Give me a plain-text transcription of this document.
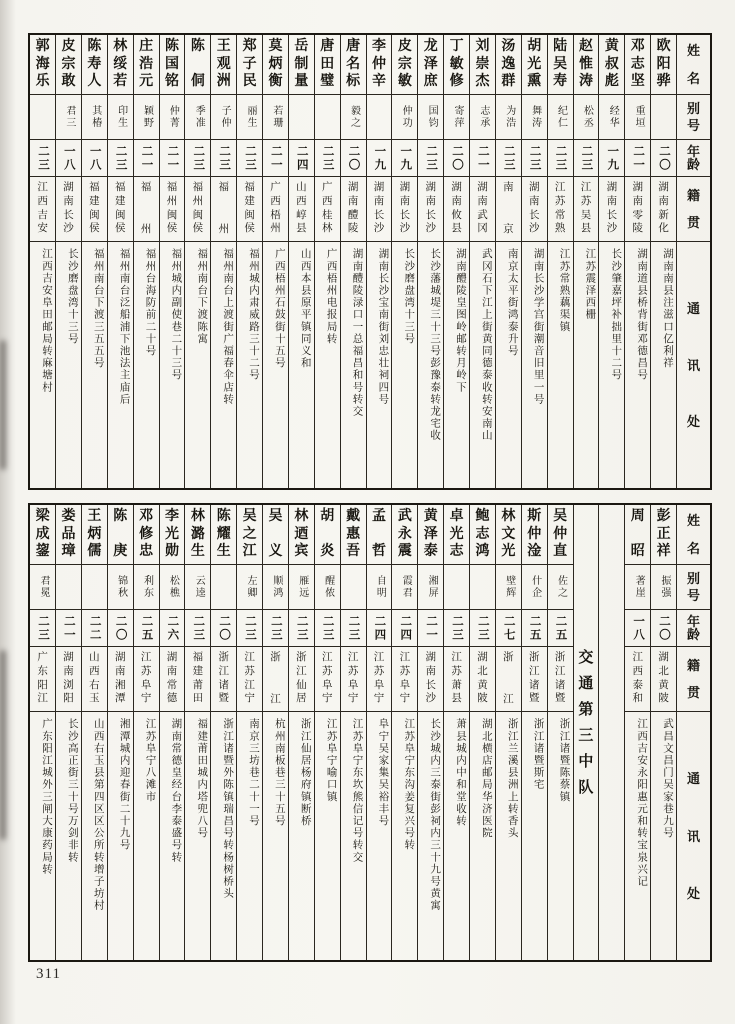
姓
名
别
号
年
龄
籍
贯
通
讯
处
欧
阳
骅
二〇
湖
南
新
化
湖南南县注滋口亿利祥
邓
志
坚
重垣
二一
湖
南
零
陵
湖南道县桥背街邓德昌号
黄
叔
彪
经华
一九
湖
南
长
沙
长沙肇嘉坪补拙里十二号
赵
惟
涛
松丞
二三
江
苏
吴
县
江苏震泽西栅
陆
吴
寿
纪仁
二三
江
苏
常
熟
江苏常熟藕渠镇
胡
光
熏
舞涛
二三
湖
南
长
沙
湖南长沙学宫街潮音旧里一号
汤
逸
群
为浩
二三
南
京
南京太平街鸿泰升号
刘
崇
杰
志承
二一
湖
南
武
冈
武冈石下江上街黄同德泰收转安南山
丁
敏
修
寄萍
二〇
湖
南
攸
县
湖南醴陵皇图岭邮转月岭下
龙
泽
庶
国钧
二三
湖
南
长
沙
长沙藩城堤三十三号彭豫泰转龙宅收
皮
宗
敏
仲功
一九
湖
南
长
沙
长沙磨盘湾十三号
李
仲
辛
一九
湖
南
长
沙
湖南长沙宝南街刘忠壮祠四号
唐
名
标
毅之
二〇
湖
南
醴
陵
湖南醴陵渌口一总福昌和号转交
唐
田
璧
二三
广
西
桂
林
广西梧州电报局转
岳
制
量
二四
山
西
崞
县
山西本县原平镇同义和
莫
炳
衡
若珊
二一
广
西
梧
州
广西梧州石鼓街十五号
郑
子
民
丽生
二三
福
建
闽
侯
福州城内肃威路三十二号
王
观
洲
子仲
二三
福
州
福州南台上渡街广福春伞店转
陈
侗
季准
二三
福
州
闽
侯
福州南台下渡陈寓
陈
国
铭
仲菁
二一
福
州
闽
侯
福州城内副使巷二十三号
庄
浩
元
颖野
二一
福
州
福州台海防前二十号
林
绥
若
印生
二三
福
建
闽
侯
福州南台泛船浦下池法主庙后
陈
寿
人
其椿
一八
福
建
闽
侯
福州南台下渡三五五号
皮
宗
敢
君三
一八
湖
南
长
沙
长沙磨盘湾十三号
郭
海
乐
二三
江
西
吉
安
江西吉安阜田邮局转麻塘村
姓
名
别
号
年
龄
籍
贯
通
讯
处
彭
正
祥
振强
二〇
湖
北
黄
陂
武昌文昌门吴家巷九号
周
昭
著崖
一八
江
西
泰
和
江西吉安永阳惠元和转宝泉兴记
交
通
第
三
中
队
吴
仲
直
佐之
二五
浙
江
诸
暨
浙江诸暨陈蔡镇
斯
仲
淦
什企
二五
浙
江
诸
暨
浙江诸暨斯宅
林
文
光
壁辉
二七
浙
江
浙江兰溪县洲上转香头
鲍
志
鸿
二三
湖
北
黄
陂
湖北横店邮局华济医院
卓
光
志
二三
江
苏
萧
县
萧县城内中和堂收转
黄
泽
泰
湘屏
二一
湖
南
长
沙
长沙城内三泰街彭祠内三十九号黄寓
武
永
震
霞君
二四
江
苏
阜
宁
江苏阜宁东沟姜复兴号转
孟
哲
自明
二四
江
苏
阜
宁
阜宁吴家集吴裕丰号
戴
惠
吾
二三
江
苏
阜
宁
江苏阜宁东坎熊信记号转交
胡
炎
醒侬
二三
江
苏
阜
宁
江苏阜宁喻口镇
林
迺
宾
雁远
二三
浙
江
仙
居
浙江仙居杨府镇断桥
吴
义
顺鸿
二三
浙
江
杭州南板巷三十五号
吴
之
江
左卿
二三
江
苏
江
宁
南京三坊巷二十一号
陈
耀
生
二〇
浙
江
诸
暨
浙江诸暨外陈镇瑞昌号转杨树桥头
林
潞
生
云逵
二三
福
建
莆
田
福建莆田城内塔兜八号
李
光
勋
松樵
二六
湖
南
常
德
湖南常德皇经台李泰盛号转
邓
修
忠
利东
二五
江
苏
阜
宁
江苏阜宁八滩市
陈
庚
锦秋
二〇
湖
南
湘
潭
湘潭城内迎春街二十九号
王
炳
儒
二二
山
西
右
玉
山西右玉县第四区区公所转增子坊村
娄
品
璋
二一
湖
南
浏
阳
长沙高正街三十号万剑非转
梁
成
鋆
君冕
二三
广
东
阳
江
广东阳江城外三闸大康药局转
311
